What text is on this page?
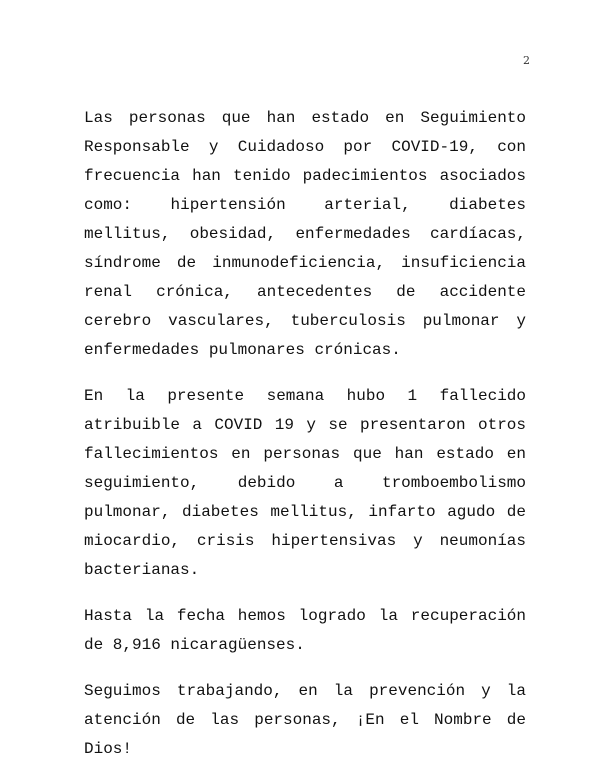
2

Las personas que han estado en Seguimiento Responsable y Cuidadoso por COVID-19, con frecuencia han tenido padecimientos asociados como: hipertensión arterial, diabetes mellitus, obesidad, enfermedades cardíacas, síndrome de inmunodeficiencia, insuficiencia renal crónica, antecedentes de accidente cerebro vasculares, tuberculosis pulmonar y enfermedades pulmonares crónicas.

En la presente semana hubo 1 fallecido atribuible a COVID 19 y se presentaron otros fallecimientos en personas que han estado en seguimiento, debido a tromboembolismo pulmonar, diabetes mellitus, infarto agudo de miocardio, crisis hipertensivas y neumonías bacterianas.

Hasta la fecha hemos logrado la recuperación de 8,916 nicaragüenses.

Seguimos trabajando, en la prevención y la atención de las personas, ¡En el Nombre de Dios!
